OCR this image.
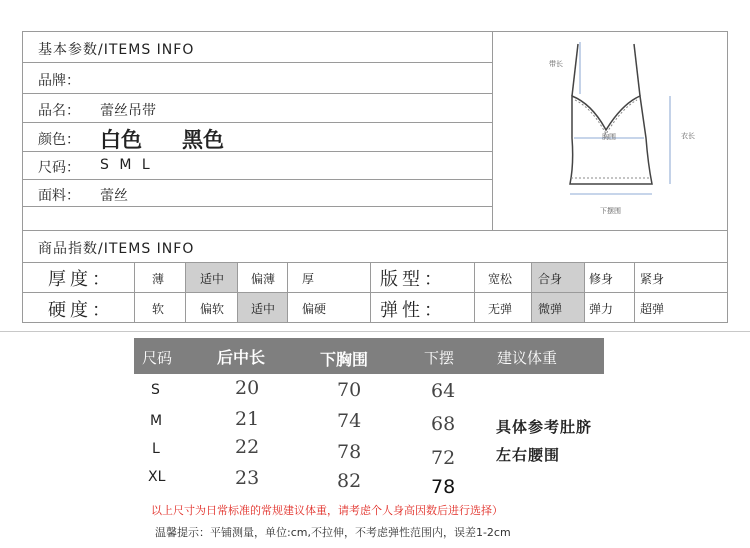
基本参数/ITEMS INFO
品牌：
品名： 蕾丝吊带
颜色： 白色 黑色
尺码： S M L
面料： 蕾丝
带长
胸围	衣长
下摆围
商品指数/ITEMS INFO
厚度：	薄	适中 偏薄 厚	版型：	宽松 合身 修身 紧身
硬度：	软	偏软 适中 偏硬	弹性：	无弹 微弹 弹力 超弹
尺码	后中长	下胸围	下摆	建议体重
S	20	70	64
M	21	74	68
L	22	78	72
XL	23	82	78
具体参考肚脐
左右腰围
以上尺寸为日常标准的常规建议体重，请考虑个人身高因数后进行选择）
温馨提示：平铺测量，单位:cm,不拉伸，不考虑弹性范围内，误差1-2cm
